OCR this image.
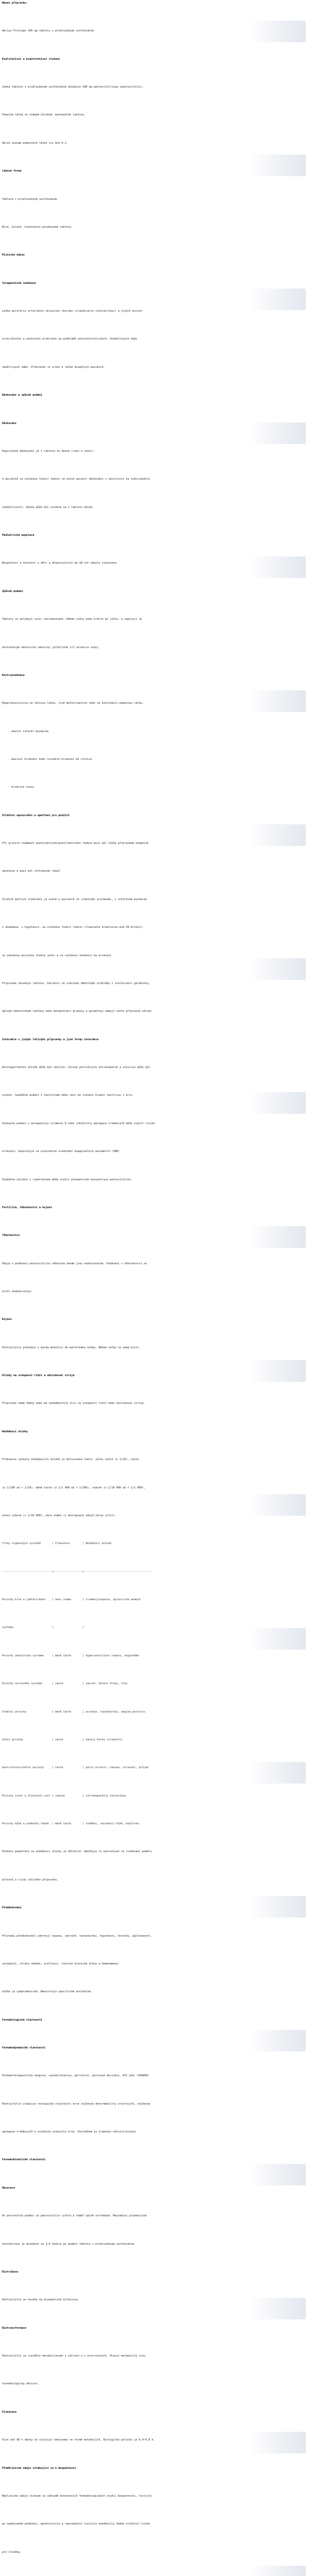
Název přípravku
Aerius Prolongo 100 mg tablety s prodlouženým uvolňováním
Kvalitativní a kvantitativní složení
Jedna tableta s prodlouženým uvolňováním obsahuje 100 mg pentoxifyllinum (pentoxifylin).
Pomocná látka se známým účinkem: monohydrát laktózy.
Úplný seznam pomocných látek viz bod 6.1.
Léková forma
Tableta s prodlouženým uvolňováním.
Bílé, kulaté, bikonvexní potahované tablety.
Klinické údaje
Terapeutické indikace
Léčba periferní arteriální okluzivní choroby (claudicatio intermittens) a jiných poruch
arteriálního a venózního prokrvení na podkladě aterosklerotických, diabetických nebo
zánětlivých změn. Přípravek je určen k léčbě dospělých pacientů.
Dávkování a způsob podání
Dávkování
Doporučené dávkování je 1 tableta 2x denně (ráno a večer).
U pacientů se sníženou funkcí ledvin je nutné upravit dávkování v závislosti na individuální
snášenlivosti. Dávka může být snížena na 1 tabletu denně.
Pediatrická populace
Bezpečnost a účinnost u dětí a dospívajících do 18 let nebyla stanovena.
Způsob podání
Tablety se polykají celé, nerozkousané, během jídla nebo krátce po jídle, a zapíjejí se
dostatečným množstvím tekutiny (přibližně 1/2 sklenice vody).
Kontraindikace
Hypersenzitivita na léčivou látku, jiné methylxantiny nebo na kteroukoli pomocnou látku.
- akutní infarkt myokardu
- masivní krvácení nebo rozsáhlé krvácení do sítnice
- krvácivé stavy
Zvláštní upozornění a opatření pro použití
Při prvních známkách anafylaktické/anafylaktoidní reakce musí být léčba přípravkem okamžitě
ukončena a musí být informován lékař.
Zvláště pečlivé sledování je nutné u pacientů se srdečními arytmiemi, s infarktem myokardu
v anamnéze, s hypotenzí, se sníženou funkcí ledvin (clearance kreatininu pod 30 ml/min),
se závažnou poruchou funkce jater a se zvýšenou tendencí ke krvácení.
Přípravek obsahuje laktózu. Pacienti se vzácnými dědičnými problémy s intolerancí galaktózy,
úplným nedostatkem laktázy nebo malabsorpcí glukózy a galaktózy nemají tento přípravek užívat.
Interakce s jinými léčivými přípravky a jiné formy interakce
Antihypertenzní účinek může být zesílen; účinek perorálních antidiabetik a inzulinu může být
zvýšen. Souběžné podání s teofylinem může vést ke zvýšení hladin teofylinu v krvi.
Současné podání s antagonisty vitaminu K nebo inhibitory agregace trombocytů může zvýšit riziko
krvácení; doporučuje se pravidelné sledování koagulačních parametrů (INR).
Souběžné užívání s cimetidinem může zvýšit plazmatické koncentrace pentoxifylinu.
Fertilita, těhotenství a kojení
Těhotenství
Údaje o podávání pentoxifylinu těhotným ženám jsou nedostatečné. Podávání v těhotenství se
proto nedoporučuje.
Kojení
Pentoxifylin přechází v malém množství do mateřského mléka. Během léčby se nemá kojit.
Účinky na schopnost řídit a obsluhovat stroje
Přípravek nemá žádný nebo má zanedbatelný vliv na schopnost řídit nebo obsluhovat stroje.
Nežádoucí účinky
Frekvence výskytu nežádoucích účinků je definována takto: velmi časté (≥ 1/10), časté
(≥ 1/100 až < 1/10), méně časté (≥ 1/1 000 až < 1/100), vzácné (≥ 1/10 000 až < 1/1 000),
velmi vzácné (< 1/10 000), není známo (z dostupných údajů nelze určit).
Třídy orgánových systémů       | Frekvence        | Nežádoucí účinek
-------------------------------+------------------+------------------------------------------
Poruchy krve a lymfatického    | není známo       | trombocytopenie, aplastická anémie
systému                        |                  |
Poruchy imunitního systému     | méně časté       | hypersenzitivní reakce, angioedém
Poruchy nervového systému      | časté            | závrať, bolest hlavy, třes
Srdeční poruchy                | méně časté       | arytmie, tachykardie, angina pectoris
Cévní poruchy                  | časté            | návaly horka (zrudnutí)
Gastrointestinální poruchy     | časté            | pocit plnosti, nauzea, zvracení, průjem
Poruchy jater a žlučových cest | vzácné           | intrahepatální cholestáza
Poruchy kůže a podkožní tkáně  | méně časté       | svědění, zarudnutí kůže, kopřivka
Hlášení podezření na nežádoucí účinky je důležité. Umožňuje to pokračovat ve sledování poměru
přínosů a rizik léčivého přípravku.
Předávkování
Příznaky předávkování zahrnují nauzeu, závratě, tachykardii, hypotenzi, horečku, agitovanost,
zarudnutí, ztrátu vědomí, areflexii, tonicko-klonické křeče a hemateméze.
Léčba je symptomatická. Neexistuje specifické antidotum.
Farmakologické vlastnosti
Farmakodynamické vlastnosti
Farmakoterapeutická skupina: vazodilatancia, periferní, purinové deriváty. ATC kód: C04AD03
Pentoxifylin zlepšuje reologické vlastnosti krve zvýšením deformability erytrocytů, snížením
agregace trombocytů a snížením viskozity krve. Výsledkem je zlepšení mikrocirkulace.
Farmakokinetické vlastnosti
Absorpce
Po perorálním podání se pentoxifylin rychle a téměř úplně vstřebává. Maximální plazmatické
koncentrace je dosaženo za 2–4 hodiny po podání tablety s prodlouženým uvolňováním.
Distribuce
Pentoxifylin se neváže na plazmatické bílkoviny.
Biotransformace
Pentoxifylin je rozsáhle metabolizován v játrech a v erytrocytech. Hlavní metabolity jsou
farmakologicky aktivní.
Eliminace
Více než 90 % dávky se vylučuje ledvinami ve formě metabolitů. Biologický poločas je 0,4–0,8 h.
Předklinické údaje vztahující se k bezpečnosti
Neklinické údaje získané na základě konvenčních farmakologických studií bezpečnosti, toxicity
po opakovaném podávání, genotoxicity a reprodukční toxicity neodhalily žádné zvláštní riziko
pro člověka.
